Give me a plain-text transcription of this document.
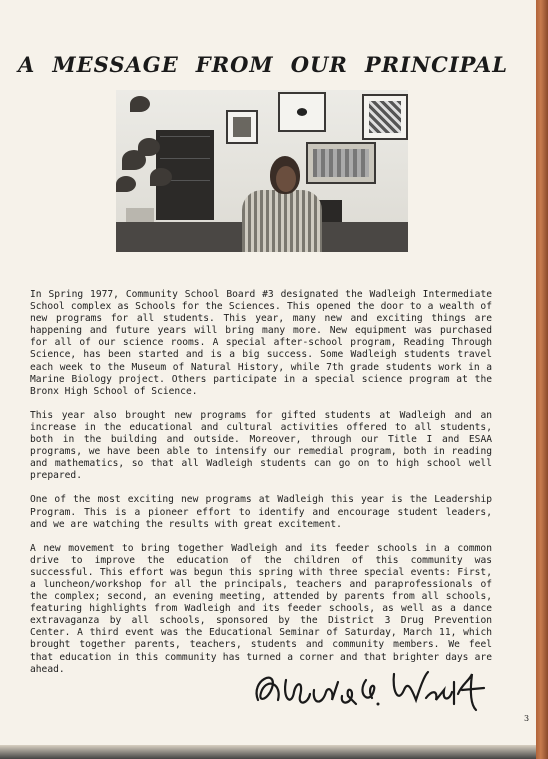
A MESSAGE FROM OUR PRINCIPAL

In Spring 1977, Community School Board #3 designated the Wadleigh Intermediate School complex as Schools for the Sciences. This opened the door to a wealth of new programs for all students. This year, many new and exciting things are happening and future years will bring many more. New equipment was purchased for all of our science rooms. A special after-school program, Reading Through Science, has been started and is a big success. Some Wadleigh students travel each week to the Museum of Natural History, while 7th grade students work in a Marine Biology project. Others participate in a special science program at the Bronx High School of Science.

This year also brought new programs for gifted students at Wadleigh and an increase in the educational and cultural activities offered to all students, both in the building and outside. Moreover, through our Title I and ESAA programs, we have been able to intensify our remedial program, both in reading and mathematics, so that all Wadleigh students can go on to high school well prepared.

One of the most exciting new programs at Wadleigh this year is the Leadership Program. This is a pioneer effort to identify and encourage student leaders, and we are watching the results with great excitement.

A new movement to bring together Wadleigh and its feeder schools in a common drive to improve the education of the children of this community was successful. This effort was begun this spring with three special events: First, a luncheon/workshop for all the principals, teachers and paraprofessionals of the complex; second, an evening meeting, attended by parents from all schools, featuring highlights from Wadleigh and its feeder schools, as well as a dance extravaganza by all schools, sponsored by the District 3 Drug Prevention Center. A third event was the Educational Seminar of Saturday, March 11, which brought together parents, teachers, students and community members. We feel that education in this community has turned a corner and that brighter days are ahead.

3
